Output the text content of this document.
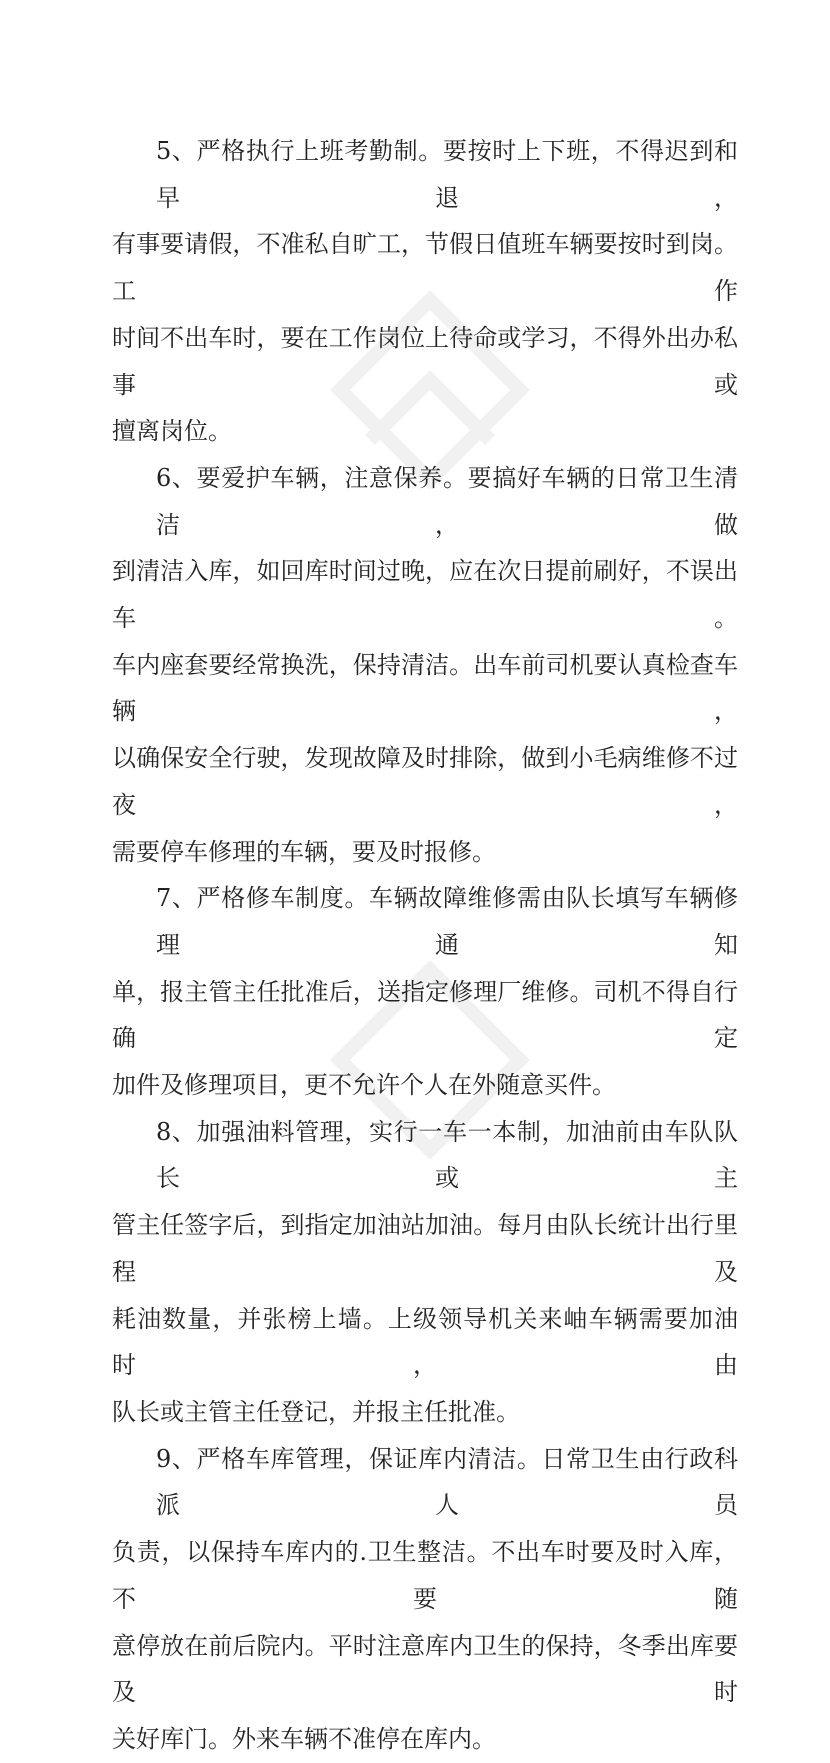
5、严格执行上班考勤制。要按时上下班，不得迟到和早退，
有事要请假，不准私自旷工，节假日值班车辆要按时到岗。工作
时间不出车时，要在工作岗位上待命或学习，不得外出办私事或
擅离岗位。
6、要爱护车辆，注意保养。要搞好车辆的日常卫生清洁，做
到清洁入库，如回库时间过晚，应在次日提前刷好，不误出车。
车内座套要经常换洗，保持清洁。出车前司机要认真检查车辆，
以确保安全行驶，发现故障及时排除，做到小毛病维修不过夜，
需要停车修理的车辆，要及时报修。
7、严格修车制度。车辆故障维修需由队长填写车辆修理通知
单，报主管主任批准后，送指定修理厂维修。司机不得自行确定
加件及修理项目，更不允许个人在外随意买件。
8、加强油料管理，实行一车一本制，加油前由车队队长或主
管主任签字后，到指定加油站加油。每月由队长统计出行里程及
耗油数量，并张榜上墙。上级领导机关来岫车辆需要加油时，由
队长或主管主任登记，并报主任批准。
9、严格车库管理，保证库内清洁。日常卫生由行政科派人员
负责，以保持车库内的.卫生整洁。不出车时要及时入库，不要随
意停放在前后院内。平时注意库内卫生的保持，冬季出库要及时
关好库门。外来车辆不准停在库内。
